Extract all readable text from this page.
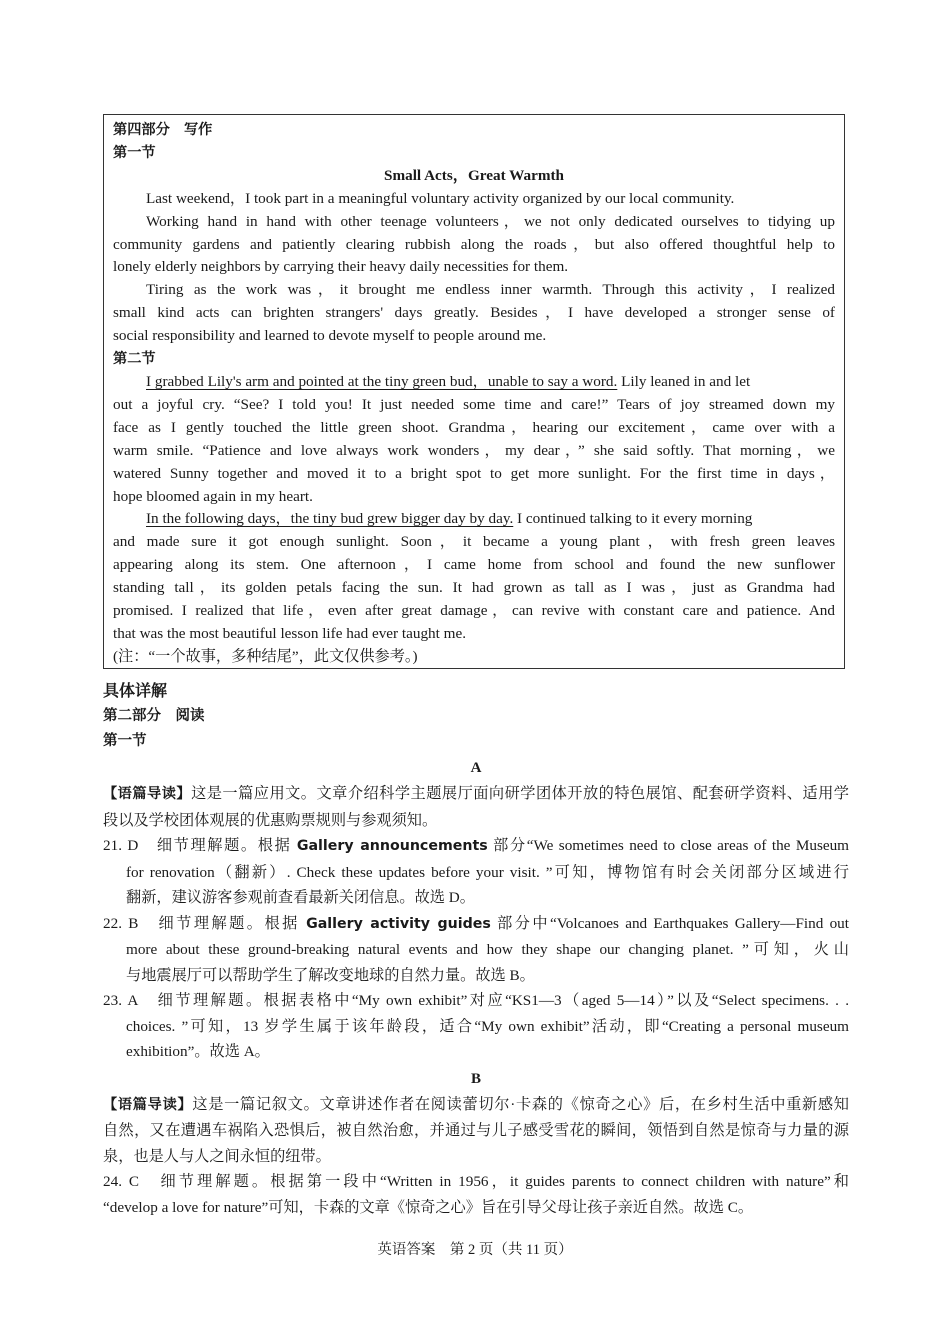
第四部分　写作
第一节
Small Acts，Great Warmth
Last weekend，I took part in a meaningful voluntary activity organized by our local community.
Working hand in hand with other teenage volunteers，we not only dedicated ourselves to tidying up
community gardens and patiently clearing rubbish along the roads，but also offered thoughtful help to
lonely elderly neighbors by carrying their heavy daily necessities for them.
Tiring as the work was，it brought me endless inner warmth. Through this activity，I realized
small kind acts can brighten strangers' days greatly. Besides，I have developed a stronger sense of
social responsibility and learned to devote myself to people around me.
第二节
I grabbed Lily's arm and pointed at the tiny green bud，unable to say a word. Lily leaned in and let
out a joyful cry. “See? I told you! It just needed some time and care!” Tears of joy streamed down my
face as I gently touched the little green shoot. Grandma，hearing our excitement，came over with a
warm smile. “Patience and love always work wonders，my dear，” she said softly. That morning，we
watered Sunny together and moved it to a bright spot to get more sunlight. For the first time in days，
hope bloomed again in my heart.
In the following days，the tiny bud grew bigger day by day. I continued talking to it every morning
and made sure it got enough sunlight. Soon，it became a young plant，with fresh green leaves
appearing along its stem. One afternoon，I came home from school and found the new sunflower
standing tall，its golden petals facing the sun. It had grown as tall as I was，just as Grandma had
promised. I realized that life，even after great damage，can revive with constant care and patience. And
that was the most beautiful lesson life had ever taught me.
(注：“一个故事，多种结尾”，此文仅供参考。)
具体详解
第二部分　阅读
第一节
A
【语篇导读】这是一篇应用文。文章介绍科学主题展厅面向研学团体开放的特色展馆、配套研学资料、适用学
段以及学校团体观展的优惠购票规则与参观须知。
21. D　细节理解题。根据 Gallery announcements 部分“We sometimes need to close areas of the Museum
for renovation（翻新）. Check these updates before your visit. ”可知，博物馆有时会关闭部分区域进行
翻新，建议游客参观前查看最新关闭信息。故选 D。
22. B　细节理解题。根据 Gallery activity guides 部分中“Volcanoes and Earthquakes Gallery—Find out
more about these ground-breaking natural events and how they shape our changing planet. ”可知，火山
与地震展厅可以帮助学生了解改变地球的自然力量。故选 B。
23. A　细节理解题。根据表格中“My own exhibit”对应“KS1—3（aged 5—14）”以及“Select specimens. . .
choices. ”可知，13 岁学生属于该年龄段，适合“My own exhibit”活动，即“Creating a personal museum
exhibition”。故选 A。
B
【语篇导读】这是一篇记叙文。文章讲述作者在阅读蕾切尔·卡森的《惊奇之心》后，在乡村生活中重新感知
自然，又在遭遇车祸陷入恐惧后，被自然治愈，并通过与儿子感受雪花的瞬间，领悟到自然是惊奇与力量的源
泉，也是人与人之间永恒的纽带。
24. C　细节理解题。根据第一段中“Written in 1956，it guides parents to connect children with nature”和
“develop a love for nature”可知，卡森的文章《惊奇之心》旨在引导父母让孩子亲近自然。故选 C。
英语答案　第 2 页（共 11 页）
